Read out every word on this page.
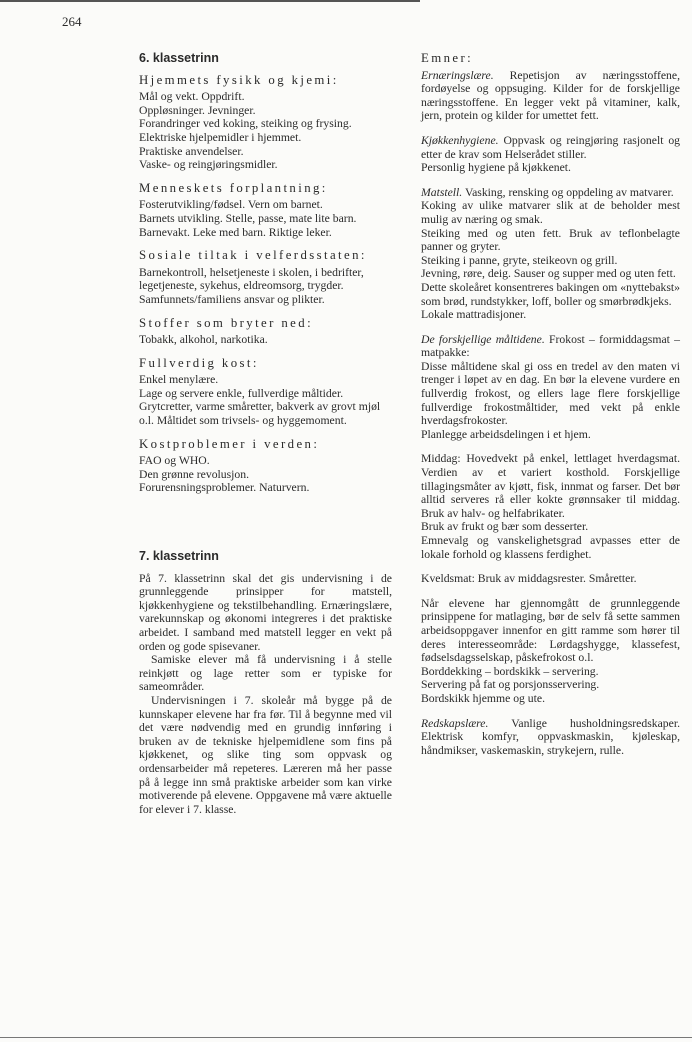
264
6. klassetrinn
Hjemmets fysikk og kjemi:
Mål og vekt. Oppdrift.
Oppløsninger. Jevninger.
Forandringer ved koking, steiking og frysing.
Elektriske hjelpemidler i hjemmet.
Praktiske anvendelser.
Vaske- og reingjøringsmidler.
Menneskets forplantning:
Fosterutvikling/fødsel. Vern om barnet.
Barnets utvikling. Stelle, passe, mate lite barn.
Barnevakt. Leke med barn. Riktige leker.
Sosiale tiltak i velferdsstaten:
Barnekontroll, helsetjeneste i skolen, i bedrifter, legetjeneste, sykehus, eldreomsorg, trygder.
Samfunnets/familiens ansvar og plikter.
Stoffer som bryter ned:
Tobakk, alkohol, narkotika.
Fullverdig kost:
Enkel menylære.
Lage og servere enkle, fullverdige måltider.
Grytcretter, varme småretter, bakverk av grovt mjøl o.l. Måltidet som trivsels- og hyggemoment.
Kostproblemer i verden:
FAO og WHO.
Den grønne revolusjon.
Forurensningsproblemer. Naturvern.
7. klassetrinn
På 7. klassetrinn skal det gis undervisning i de grunnleggende prinsipper for matstell, kjøkkenhygiene og tekstilbehandling. Ernæringslære, varekunnskap og økonomi integreres i det praktiske arbeidet. I samband med matstell legger en vekt på orden og gode spisevaner.
Samiske elever må få undervisning i å stelle reinkjøtt og lage retter som er typiske for sameområder.
Undervisningen i 7. skoleår må bygge på de kunnskaper elevene har fra før. Til å begynne med vil det være nødvendig med en grundig innføring i bruken av de tekniske hjelpemidlene som fins på kjøkkenet, og slike ting som oppvask og ordensarbeider må repeteres. Læreren må her passe på å legge inn små praktiske arbeider som kan virke motiverende på elevene. Oppgavene må være aktuelle for elever i 7. klasse.
Emner:
Ernæringslære. Repetisjon av næringsstoffene, fordøyelse og oppsuging. Kilder for de forskjellige næringsstoffene. En legger vekt på vitaminer, kalk, jern, protein og kilder for umettet fett.
Kjøkkenhygiene. Oppvask og reingjøring rasjonelt og etter de krav som Helserådet stiller.
Personlig hygiene på kjøkkenet.
Matstell. Vasking, rensking og oppdeling av matvarer.
Koking av ulike matvarer slik at de beholder mest mulig av næring og smak.
Steiking med og uten fett. Bruk av teflonbelagte panner og gryter.
Steiking i panne, gryte, steikeovn og grill.
Jevning, røre, deig. Sauser og supper med og uten fett.
Dette skoleåret konsentreres bakingen om «nyttebakst» som brød, rundstykker, loff, boller og smørbrødkjeks.
Lokale mattradisjoner.
De forskjellige måltidene. Frokost – formiddagsmat – matpakke:
Disse måltidene skal gi oss en tredel av den maten vi trenger i løpet av en dag. En bør la elevene vurdere en fullverdig frokost, og ellers lage flere forskjellige fullverdige frokostmåltider, med vekt på enkle hverdagsfrokoster.
Planlegge arbeidsdelingen i et hjem.
Middag: Hovedvekt på enkel, lettlaget hverdagsmat. Verdien av et variert kosthold. Forskjellige tillagingsmåter av kjøtt, fisk, innmat og farser. Det bør alltid serveres rå eller kokte grønnsaker til middag. Bruk av halv- og helfabrikater.
Bruk av frukt og bær som desserter.
Emnevalg og vanskelighetsgrad avpasses etter de lokale forhold og klassens ferdighet.
Kveldsmat: Bruk av middagsrester. Småretter.
Når elevene har gjennomgått de grunnleggende prinsippene for matlaging, bør de selv få sette sammen arbeidsoppgaver innenfor en gitt ramme som hører til deres interesseområde: Lørdagshygge, klassefest, fødselsdagsselskap, påskefrokost o.l.
Borddekking – bordskikk – servering.
Servering på fat og porsjonsservering.
Bordskikk hjemme og ute.
Redskapslære. Vanlige husholdningsredskaper. Elektrisk komfyr, oppvaskmaskin, kjøleskap, håndmikser, vaskemaskin, strykejern, rulle.
